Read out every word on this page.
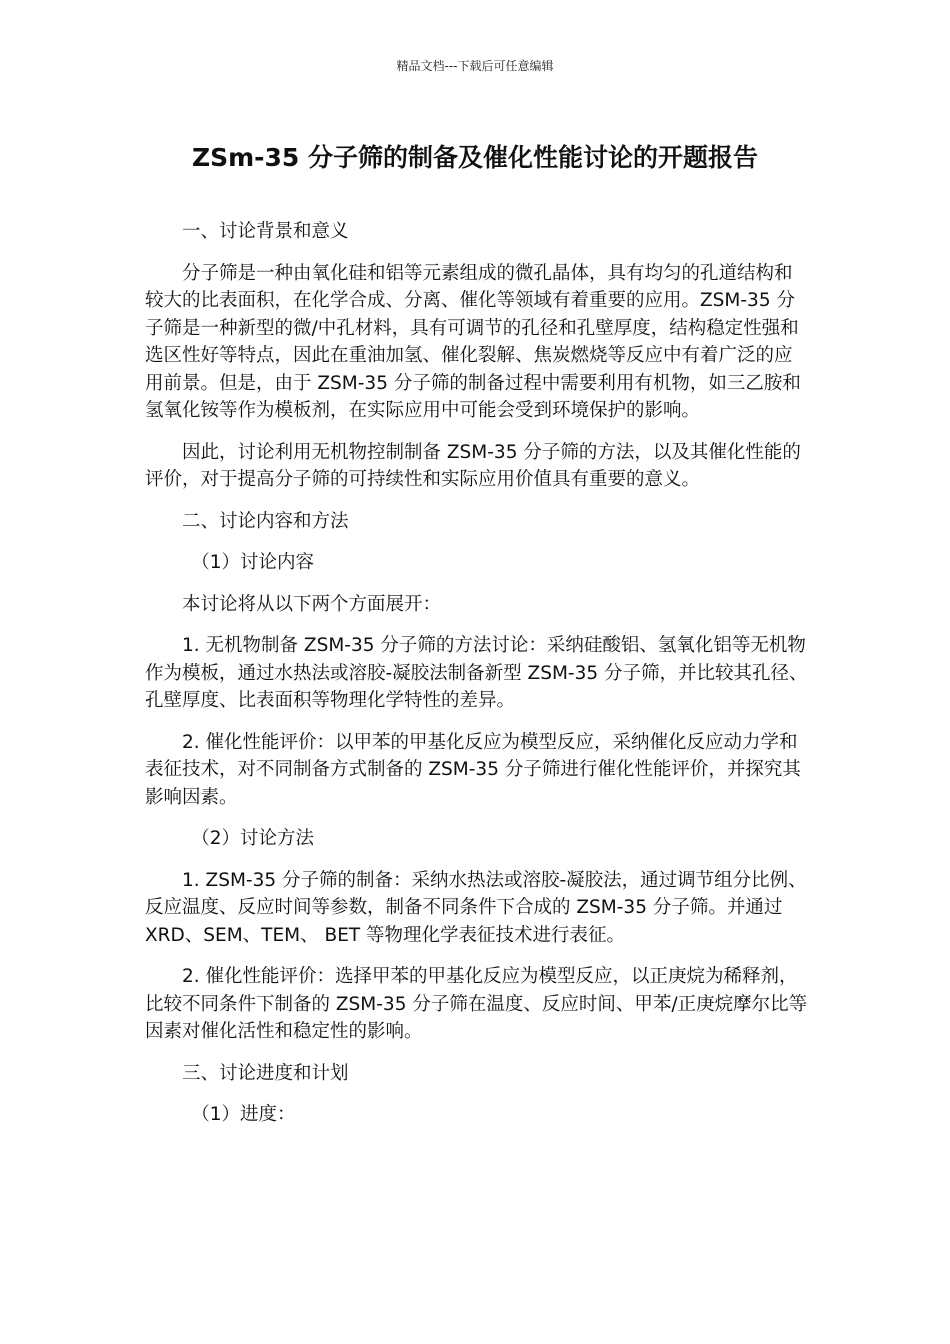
精品文档---下载后可任意编辑
ZSm-35 分子筛的制备及催化性能讨论的开题报告

一、讨论背景和意义

分子筛是一种由氧化硅和铝等元素组成的微孔晶体，具有均匀的孔道结构和较大的比表面积，在化学合成、分离、催化等领域有着重要的应用。ZSM-35 分子筛是一种新型的微/中孔材料，具有可调节的孔径和孔壁厚度，结构稳定性强和选区性好等特点，因此在重油加氢、催化裂解、焦炭燃烧等反应中有着广泛的应用前景。但是，由于 ZSM-35 分子筛的制备过程中需要利用有机物，如三乙胺和氢氧化铵等作为模板剂，在实际应用中可能会受到环境保护的影响。

因此，讨论利用无机物控制制备 ZSM-35 分子筛的方法，以及其催化性能的评价，对于提高分子筛的可持续性和实际应用价值具有重要的意义。

二、讨论内容和方法

（1）讨论内容

本讨论将从以下两个方面展开：

1. 无机物制备 ZSM-35 分子筛的方法讨论：采纳硅酸铝、氢氧化铝等无机物作为模板，通过水热法或溶胶-凝胶法制备新型 ZSM-35 分子筛，并比较其孔径、孔壁厚度、比表面积等物理化学特性的差异。

2. 催化性能评价：以甲苯的甲基化反应为模型反应，采纳催化反应动力学和表征技术，对不同制备方式制备的 ZSM-35 分子筛进行催化性能评价，并探究其影响因素。

（2）讨论方法

1. ZSM-35 分子筛的制备：采纳水热法或溶胶-凝胶法，通过调节组分比例、反应温度、反应时间等参数，制备不同条件下合成的 ZSM-35 分子筛。并通过 XRD、SEM、TEM、 BET 等物理化学表征技术进行表征。

2. 催化性能评价：选择甲苯的甲基化反应为模型反应，以正庚烷为稀释剂，比较不同条件下制备的 ZSM-35 分子筛在温度、反应时间、甲苯/正庚烷摩尔比等因素对催化活性和稳定性的影响。

三、讨论进度和计划

（1）进度：
